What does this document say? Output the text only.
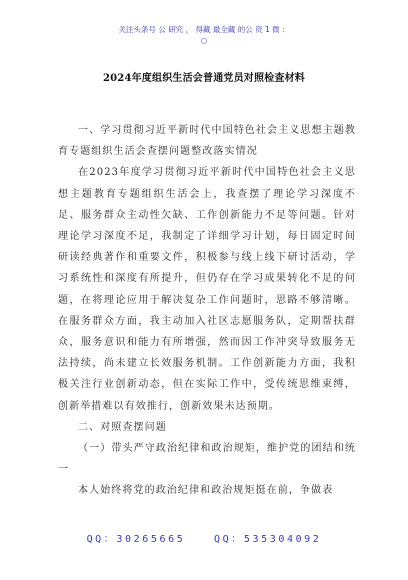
关注头条号 公 研究 ， 得藏 最全藏 的公 资 1 微 ：
○
2024年度组织生活会普通党员对照检查材料

一、学习贯彻习近平新时代中国特色社会主义思想主题教育专题组织生活会查摆问题整改落实情况

在2023年度学习贯彻习近平新时代中国特色社会主义思想主题教育专题组织生活会上，我查摆了理论学习深度不足、服务群众主动性欠缺、工作创新能力不足等问题。针对理论学习深度不足，我制定了详细学习计划，每日固定时间研读经典著作和重要文件，积极参与线上线下研讨活动，学习系统性和深度有所提升，但仍存在学习成果转化不足的问题，在将理论应用于解决复杂工作问题时，思路不够清晰。在服务群众方面，我主动加入社区志愿服务队，定期帮扶群众，服务意识和能力有所增强，然而因工作冲突导致服务无法持续，尚未建立长效服务机制。工作创新能力方面，我积极关注行业创新动态，但在实际工作中，受传统思维束缚，创新举措难以有效推行，创新效果未达预期。

二、对照查摆问题

（一）带头严守政治纪律和政治规矩，维护党的团结和统一

本人始终将党的政治纪律和政治规矩挺在前，争做表

QQ：30265665	QQ：535304092
